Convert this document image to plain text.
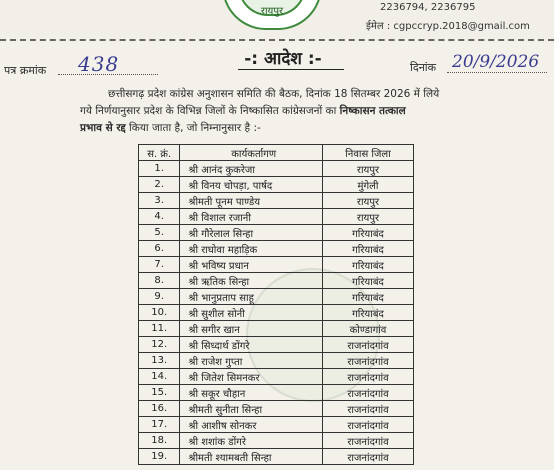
रायपुर	2236794, 2236795
ईमेल : cgpccryp.2018@gmail.com
पत्र क्रमांक 438	-: आदेश :-	दिनांक 20/9/2026
छत्तीसगढ़ प्रदेश कांग्रेस अनुशासन समिति की बैठक, दिनांक 18 सितम्बर 2026 में लिये
गये निर्णयानुसार प्रदेश के विभिन्न जिलों के निष्कासित कांग्रेसजनों का निष्कासन तत्काल
प्रभाव से रद्द किया जाता है, जो निम्नानुसार है :-
स. क्रं.	कार्यकर्तागण	निवास जिला
1.	श्री आनंद कुकरेजा	रायपुर
2.	श्री विनय चोपड़ा, पार्षद	मुंगेली
3.	श्रीमती पूनम पाण्डेय	रायपुर
4.	श्री विशाल रजानी	रायपुर
5.	श्री गौरेलाल सिन्हा	गरियाबंद
6.	श्री राघोवा महाड़िक	गरियाबंद
7.	श्री भविष्य प्रधान	गरियाबंद
8.	श्री ऋतिक सिन्हा	गरियाबंद
9.	श्री भानुप्रताप साहू	गरियाबंद
10.	श्री सुशील सोनी	गरियाबंद
11.	श्री सगीर खान	कोण्डागांव
12.	श्री सिध्दार्थ डोंगरे	राजनांदगांव
13.	श्री राजेश गुप्ता	राजनांदगांव
14.	श्री जितेश सिमनकर	राजनांदगांव
15.	श्री सकूर चौहान	राजनांदगांव
16.	श्रीमती सुनीता सिन्हा	राजनांदगांव
17.	श्री आशीष सोनकर	राजनांदगांव
18.	श्री शशांक डोंगरे	राजनांदगांव
19.	श्रीमती श्यामबती सिन्हा	राजनांदगांव
